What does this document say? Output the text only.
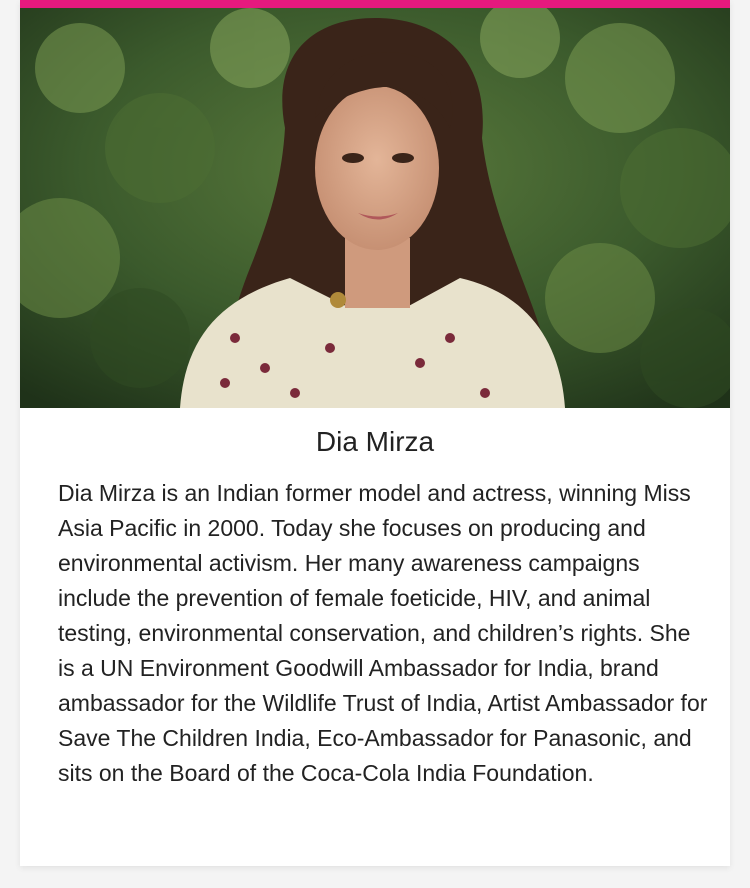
Dia Mirza

Dia Mirza is an Indian former model and actress, winning Miss Asia Pacific in 2000. Today she focuses on producing and environmental activism. Her many awareness campaigns include the prevention of female foeticide, HIV, and animal testing, environmental conservation, and children’s rights. She is a UN Environment Goodwill Ambassador for India, brand ambassador for the Wildlife Trust of India, Artist Ambassador for Save The Children India, Eco-Ambassador for Panasonic, and sits on the Board of the Coca-Cola India Foundation.
